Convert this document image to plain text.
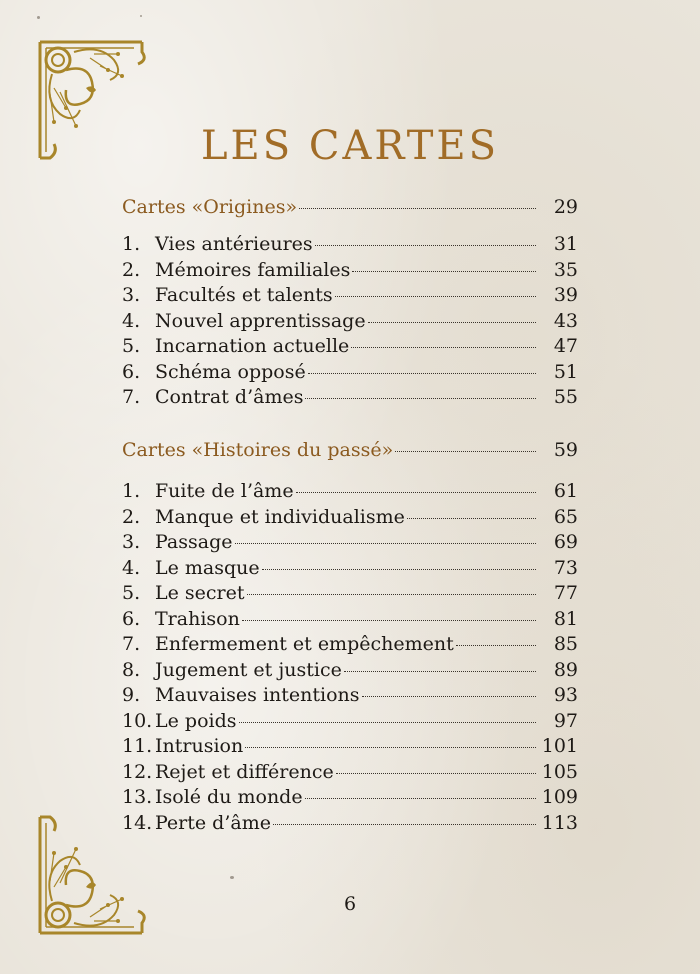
LES CARTES
Cartes «Origines»	29
1. Vies antérieures	31
2. Mémoires familiales	35
3. Facultés et talents	39
4. Nouvel apprentissage	43
5. Incarnation actuelle	47
6. Schéma opposé	51
7. Contrat d’âmes	55
Cartes «Histoires du passé»	59
1. Fuite de l’âme	61
2. Manque et individualisme	65
3. Passage	69
4. Le masque	73
5. Le secret	77
6. Trahison	81
7. Enfermement et empêchement	85
8. Jugement et justice	89
9. Mauvaises intentions	93
10. Le poids	97
11. Intrusion	101
12. Rejet et différence	105
13. Isolé du monde	109
14. Perte d’âme	113
6
